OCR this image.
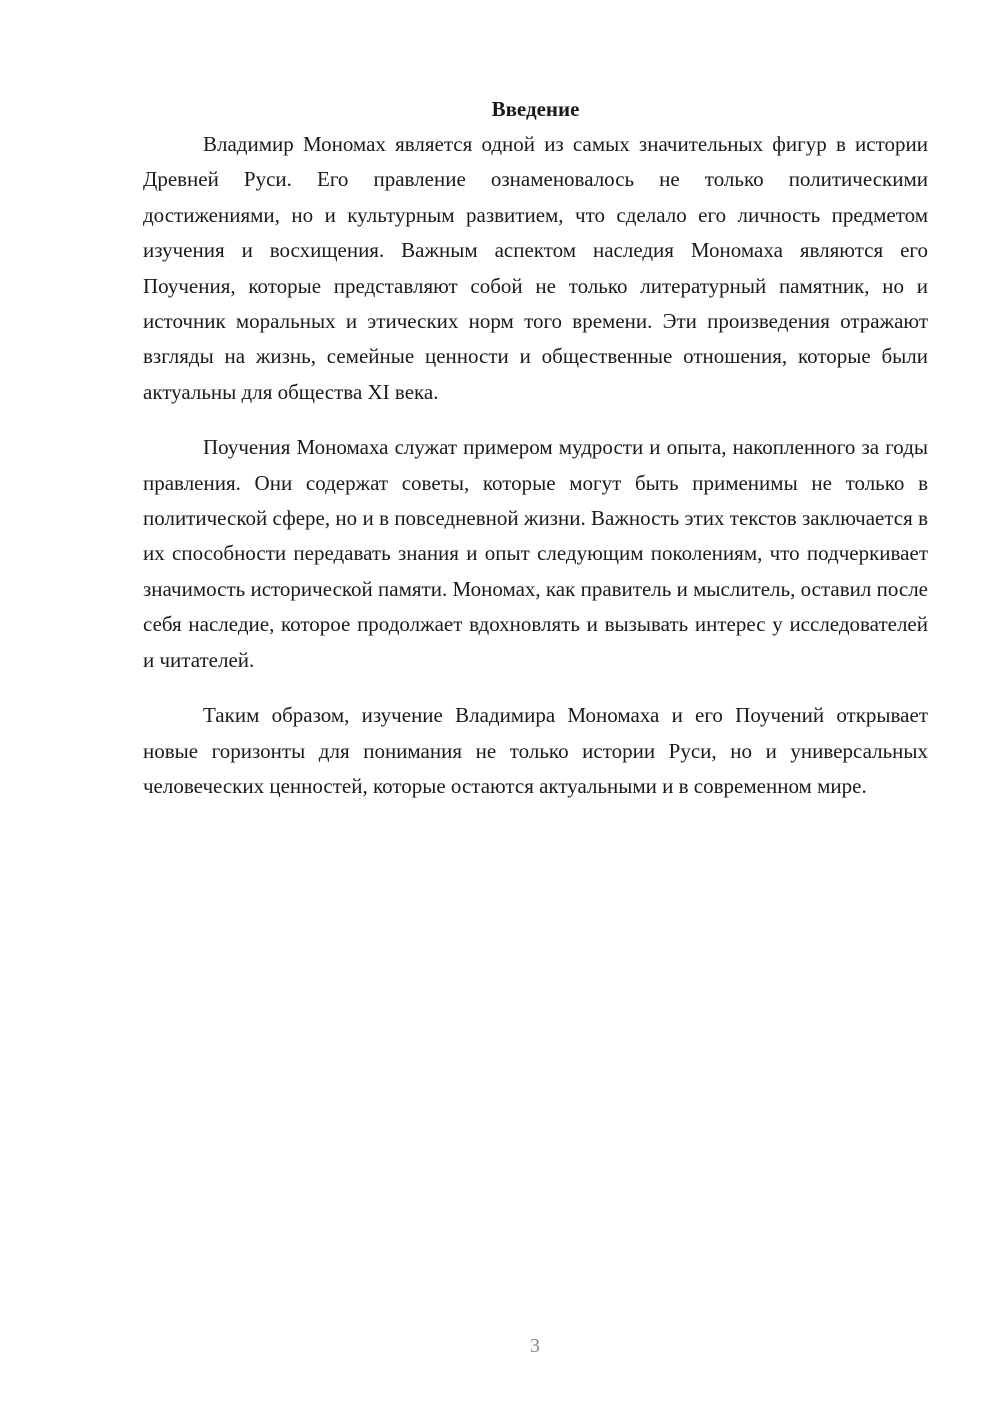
Введение

Владимир Мономах является одной из самых значительных фигур в истории Древней Руси. Его правление ознаменовалось не только политическими достижениями, но и культурным развитием, что сделало его личность предметом изучения и восхищения. Важным аспектом наследия Мономаха являются его Поучения, которые представляют собой не только литературный памятник, но и источник моральных и этических норм того времени. Эти произведения отражают взгляды на жизнь, семейные ценности и общественные отношения, которые были актуальны для общества XI века.

Поучения Мономаха служат примером мудрости и опыта, накопленного за годы правления. Они содержат советы, которые могут быть применимы не только в политической сфере, но и в повседневной жизни. Важность этих текстов заключается в их способности передавать знания и опыт следующим поколениям, что подчеркивает значимость исторической памяти. Мономах, как правитель и мыслитель, оставил после себя наследие, которое продолжает вдохновлять и вызывать интерес у исследователей и читателей.

Таким образом, изучение Владимира Мономаха и его Поучений открывает новые горизонты для понимания не только истории Руси, но и универсальных человеческих ценностей, которые остаются актуальными и в современном мире.

3
